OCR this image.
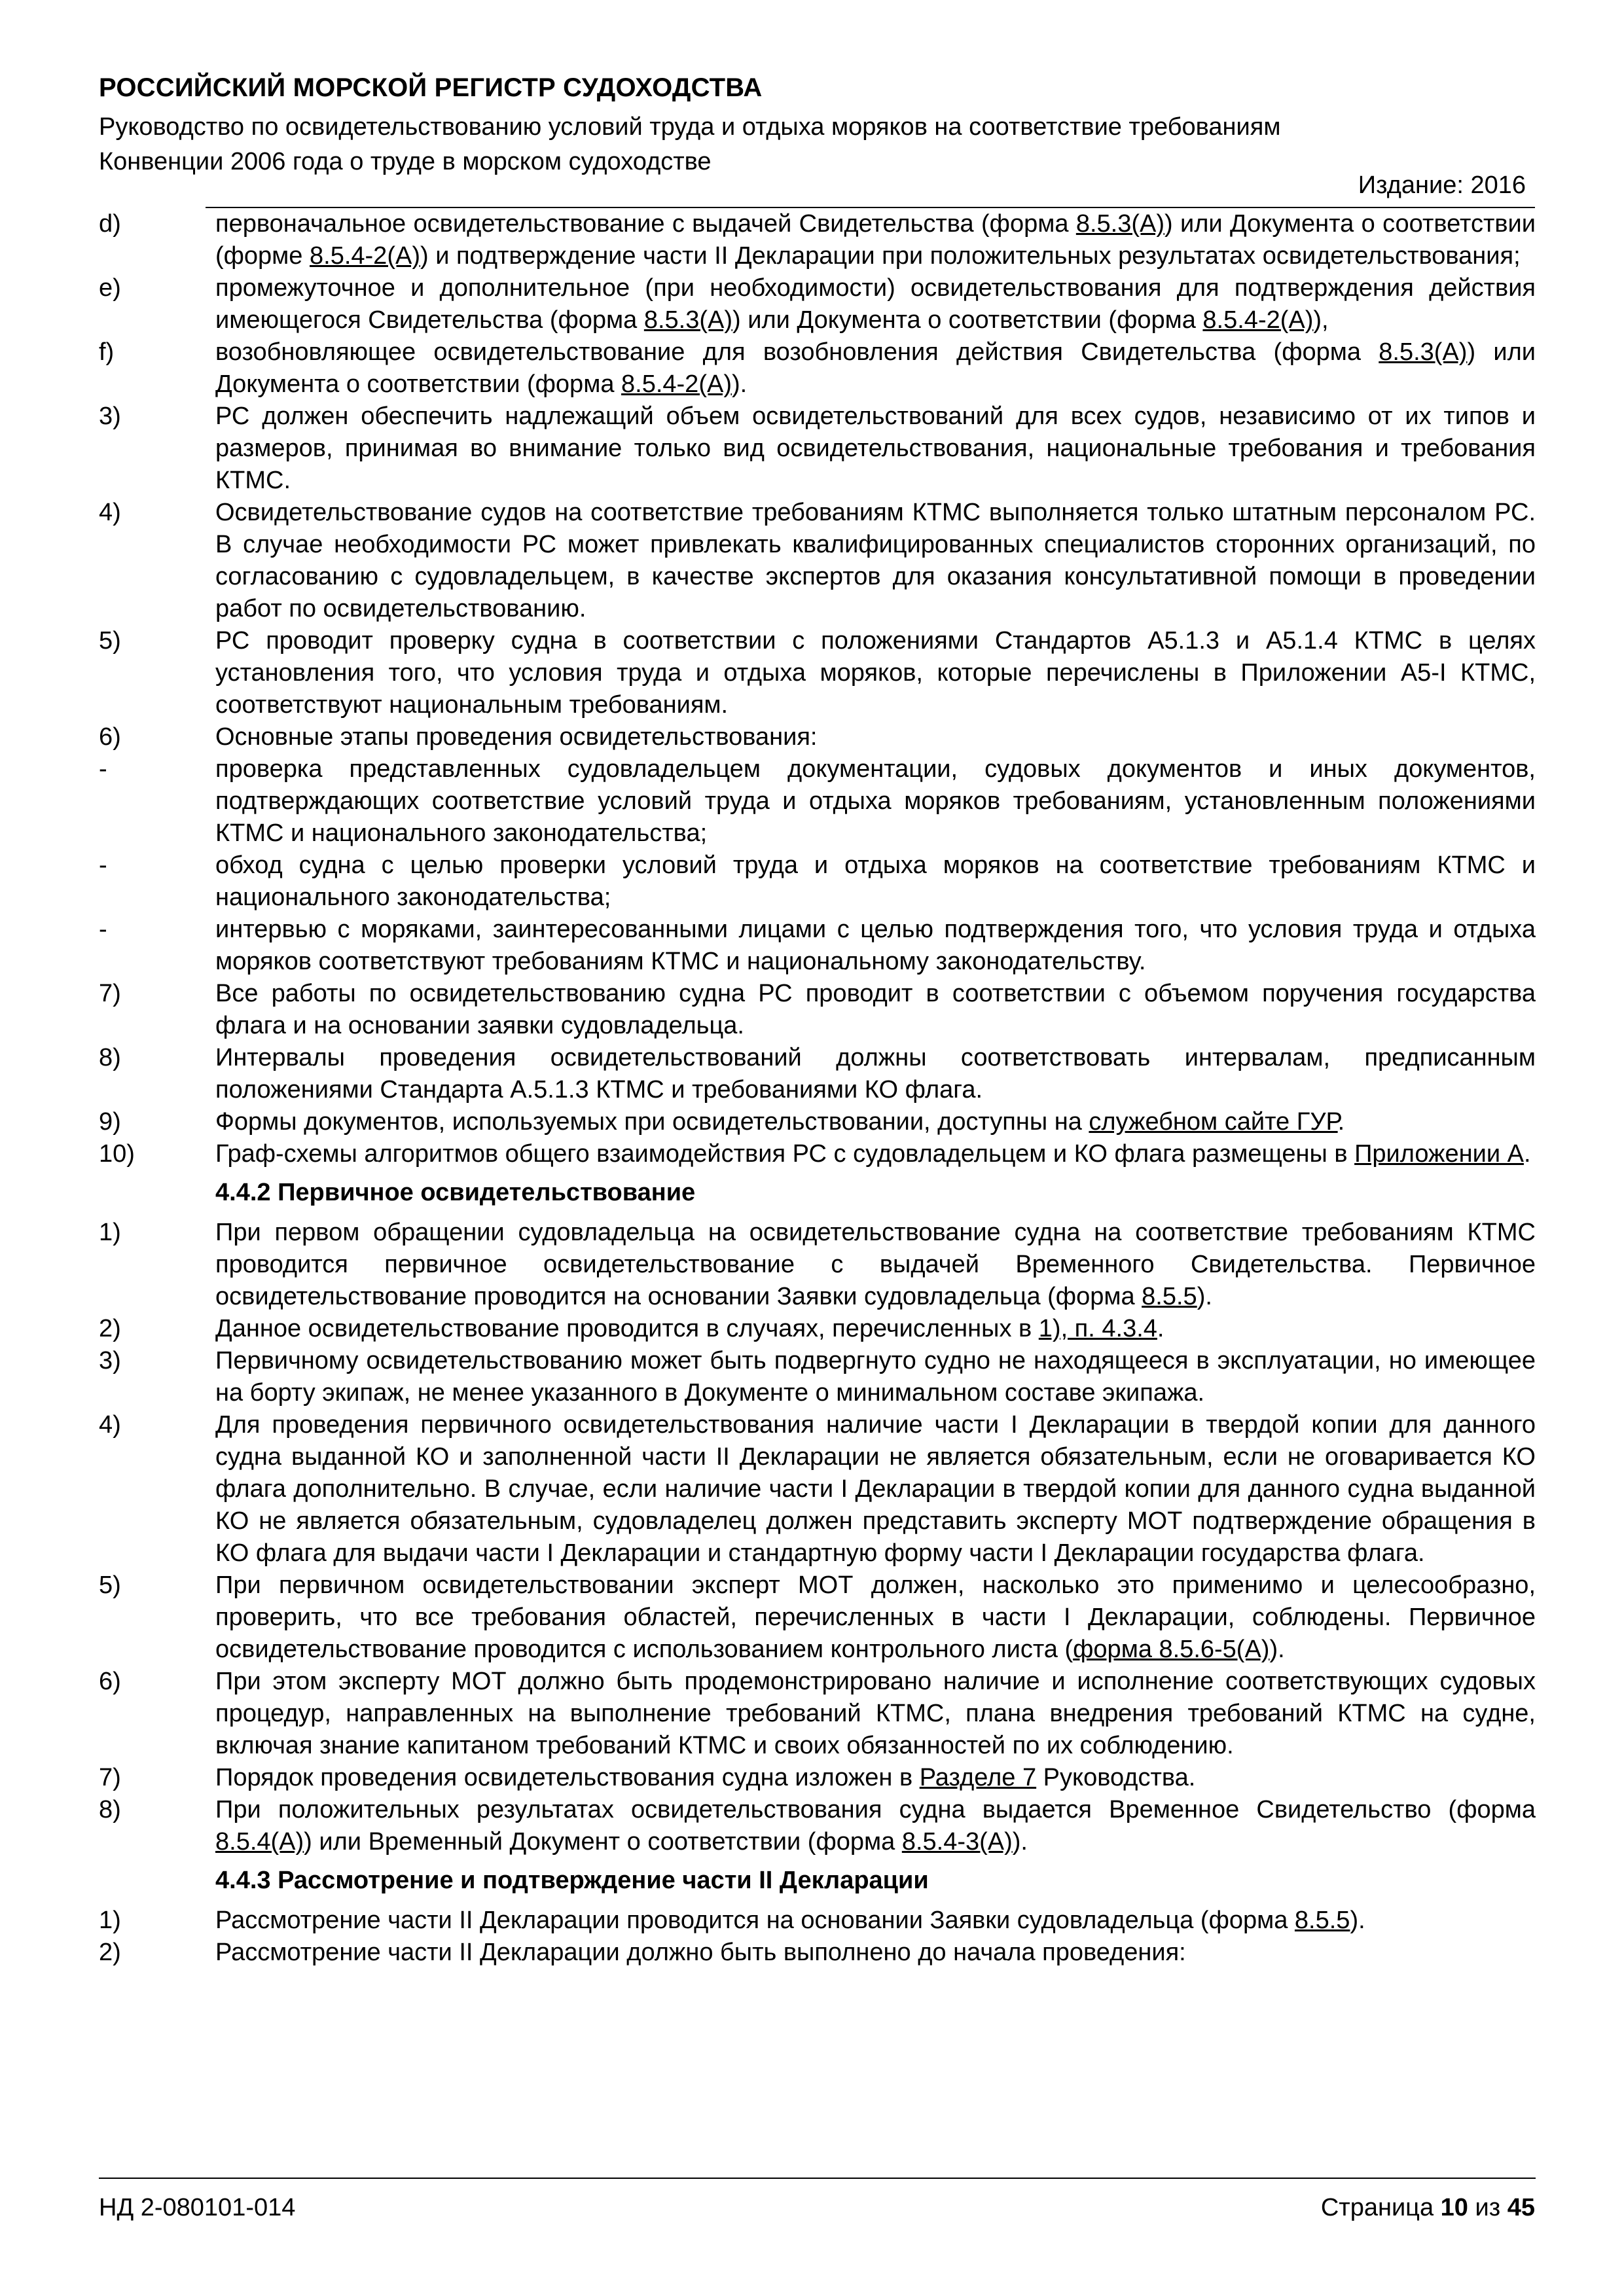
РОССИЙСКИЙ МОРСКОЙ РЕГИСТР СУДОХОДСТВА
Руководство по освидетельствованию условий труда и отдыха моряков на соответствие требованиям
Конвенции 2006 года о труде в морском судоходстве
Издание: 2016
d)	первоначальное освидетельствование с выдачей Свидетельства (форма 8.5.3(А)) или Документа о соответствии (форме 8.5.4-2(А)) и подтверждение части II Декларации при положительных результатах освидетельствования;
e)	промежуточное и дополнительное (при необходимости) освидетельствования для подтверждения действия имеющегося Свидетельства (форма 8.5.3(А)) или Документа о соответствии (форма 8.5.4-2(А)),
f)	возобновляющее освидетельствование для возобновления действия Свидетельства (форма 8.5.3(А)) или Документа о соответствии (форма 8.5.4-2(А)).
3)	РС должен обеспечить надлежащий объем освидетельствований для всех судов, независимо от их типов и размеров, принимая во внимание только вид освидетельствования, национальные требования и требования КТМС.
4)	Освидетельствование судов на соответствие требованиям КТМС выполняется только штатным персоналом РС. В случае необходимости РС может привлекать квалифицированных специалистов сторонних организаций, по согласованию с судовладельцем, в качестве экспертов для оказания консультативной помощи в проведении работ по освидетельствованию.
5)	РС проводит проверку судна в соответствии с положениями Стандартов А5.1.3 и А5.1.4 КТМС в целях установления того, что условия труда и отдыха моряков, которые перечислены в Приложении А5-I КТМС, соответствуют национальным требованиям.
6)	Основные этапы проведения освидетельствования:
-	проверка представленных судовладельцем документации, судовых документов и иных документов, подтверждающих соответствие условий труда и отдыха моряков требованиям, установленным положениями КТМС и национального законодательства;
-	обход судна с целью проверки условий труда и отдыха моряков на соответствие требованиям КТМС и национального законодательства;
-	интервью с моряками, заинтересованными лицами с целью подтверждения того, что условия труда и отдыха моряков соответствуют требованиям КТМС и национальному законодательству.
7)	Все работы по освидетельствованию судна РС проводит в соответствии с объемом поручения государства флага и на основании заявки судовладельца.
8)	Интервалы проведения освидетельствований должны соответствовать интервалам, предписанным положениями Стандарта А.5.1.3 КТМС и требованиями КО флага.
9)	Формы документов, используемых при освидетельствовании, доступны на служебном сайте ГУР.
10)	Граф-схемы алгоритмов общего взаимодействия РС с судовладельцем и КО флага размещены в Приложении А.
4.4.2 Первичное освидетельствование
1)	При первом обращении судовладельца на освидетельствование судна на соответствие требованиям КТМС проводится первичное освидетельствование с выдачей Временного Свидетельства. Первичное освидетельствование проводится на основании Заявки судовладельца (форма 8.5.5).
2)	Данное освидетельствование проводится в случаях, перечисленных в 1), п. 4.3.4.
3)	Первичному освидетельствованию может быть подвергнуто судно не находящееся в эксплуатации, но имеющее на борту экипаж, не менее указанного в Документе о минимальном составе экипажа.
4)	Для проведения первичного освидетельствования наличие части I Декларации в твердой копии для данного судна выданной КО и заполненной части II Декларации не является обязательным, если не оговаривается КО флага дополнительно. В случае, если наличие части I Декларации в твердой копии для данного судна выданной КО не является обязательным, судовладелец должен представить эксперту МОТ подтверждение обращения в КО флага для выдачи части I Декларации и стандартную форму части I Декларации государства флага.
5)	При первичном освидетельствовании эксперт МОТ должен, насколько это применимо и целесообразно, проверить, что все требования областей, перечисленных в части I Декларации, соблюдены. Первичное освидетельствование проводится с использованием контрольного листа (форма 8.5.6-5(А)).
6)	При этом эксперту МОТ должно быть продемонстрировано наличие и исполнение соответствующих судовых процедур, направленных на выполнение требований КТМС, плана внедрения требований КТМС на судне, включая знание капитаном требований КТМС и своих обязанностей по их соблюдению.
7)	Порядок проведения освидетельствования судна изложен в Разделе 7 Руководства.
8)	При положительных результатах освидетельствования судна выдается Временное Свидетельство (форма 8.5.4(А)) или Временный Документ о соответствии (форма 8.5.4-3(А)).
4.4.3 Рассмотрение и подтверждение части II Декларации
1)	Рассмотрение части II Декларации проводится на основании Заявки судовладельца (форма 8.5.5).
2)	Рассмотрение части II Декларации должно быть выполнено до начала проведения:
НД 2-080101-014	Страница 10 из 45
